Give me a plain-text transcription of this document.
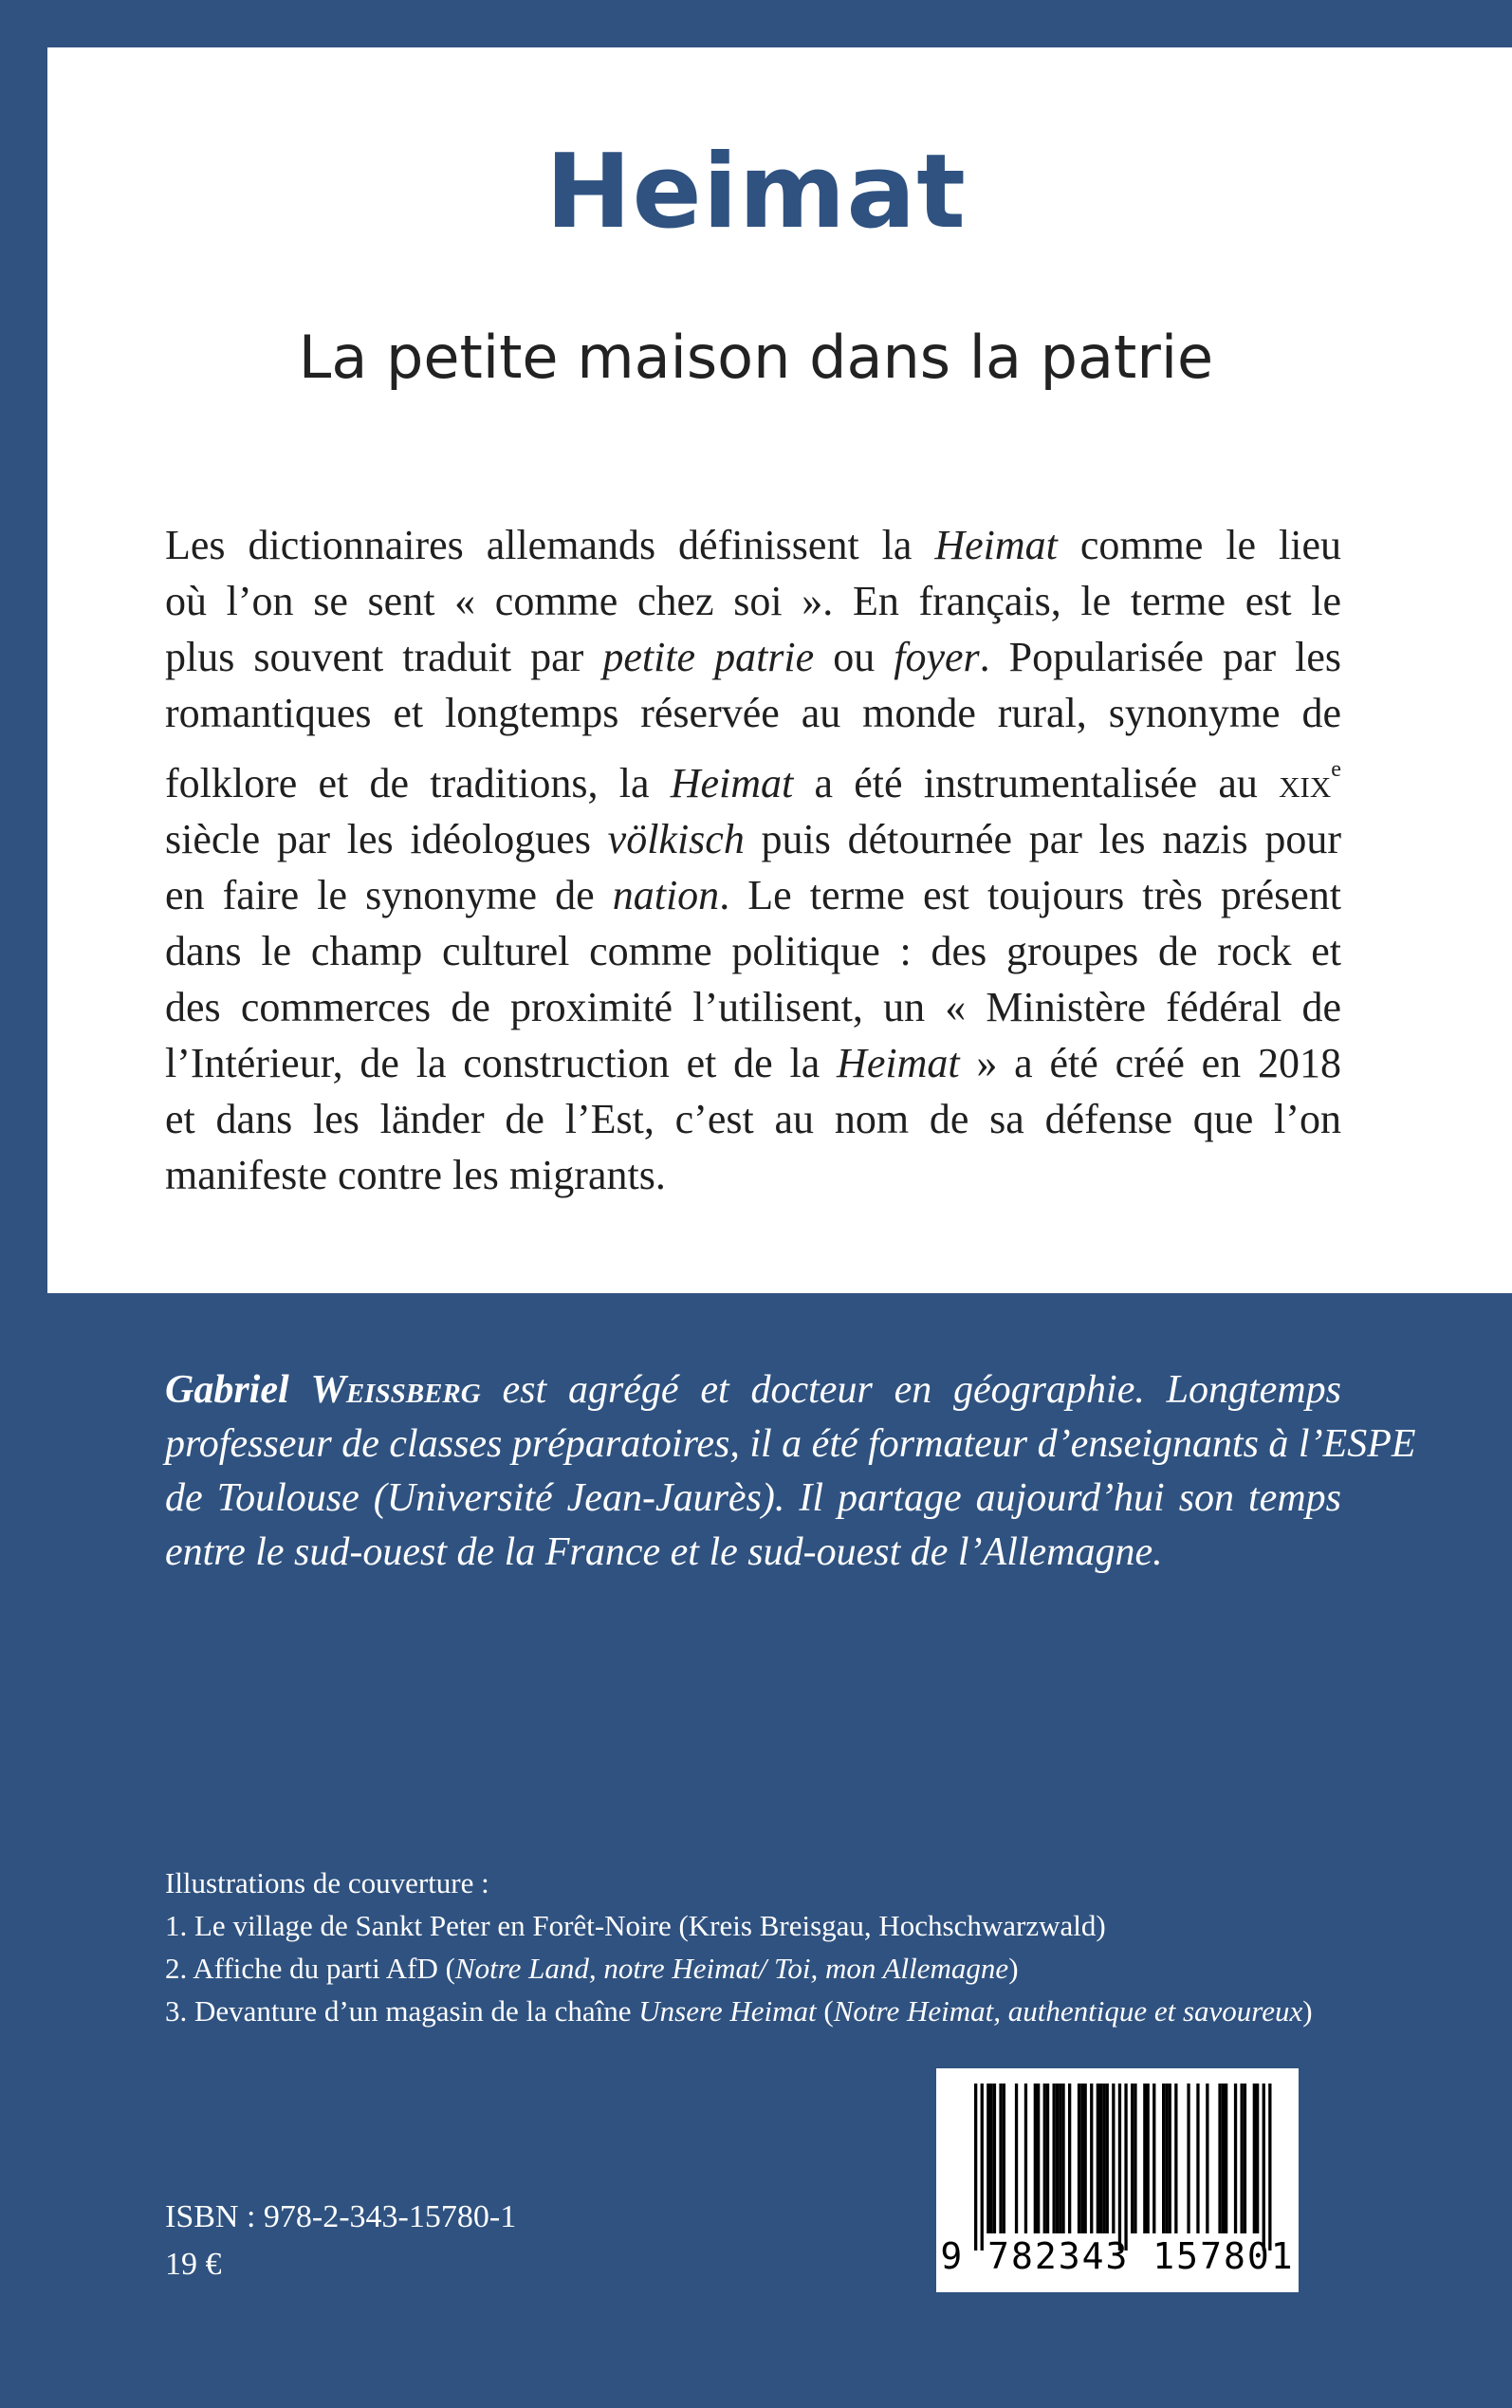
Heimat
La petite maison dans la patrie
Les dictionnaires allemands définissent la Heimat comme le lieu
où l’on se sent « comme chez soi ». En français, le terme est le
plus souvent traduit par petite patrie ou foyer. Popularisée par les
romantiques et longtemps réservée au monde rural, synonyme de
folklore et de traditions, la Heimat a été instrumentalisée au xix$^e$
siècle par les idéologues völkisch puis détournée par les nazis pour
en faire le synonyme de nation. Le terme est toujours très présent
dans le champ culturel comme politique : des groupes de rock et
des commerces de proximité l’utilisent, un « Ministère fédéral de
l’Intérieur, de la construction et de la Heimat » a été créé en 2018
et dans les länder de l’Est, c’est au nom de sa défense que l’on
manifeste contre les migrants.
Gabriel Weissberg est agrégé et docteur en géographie. Longtemps
professeur de classes préparatoires, il a été formateur d’enseignants à l’ESPE
de Toulouse (Université Jean-Jaurès). Il partage aujourd’hui son temps
entre le sud-ouest de la France et le sud-ouest de l’Allemagne.
Illustrations de couverture :
1. Le village de Sankt Peter en Forêt-Noire (Kreis Breisgau, Hochschwarzwald)
2. Affiche du parti AfD (Notre Land, notre Heimat/ Toi, mon Allemagne)
3. Devanture d’un magasin de la chaîne Unsere Heimat (Notre Heimat, authentique et savoureux)
ISBN : 978-2-343-15780-1
19 €	9 782343 157801
